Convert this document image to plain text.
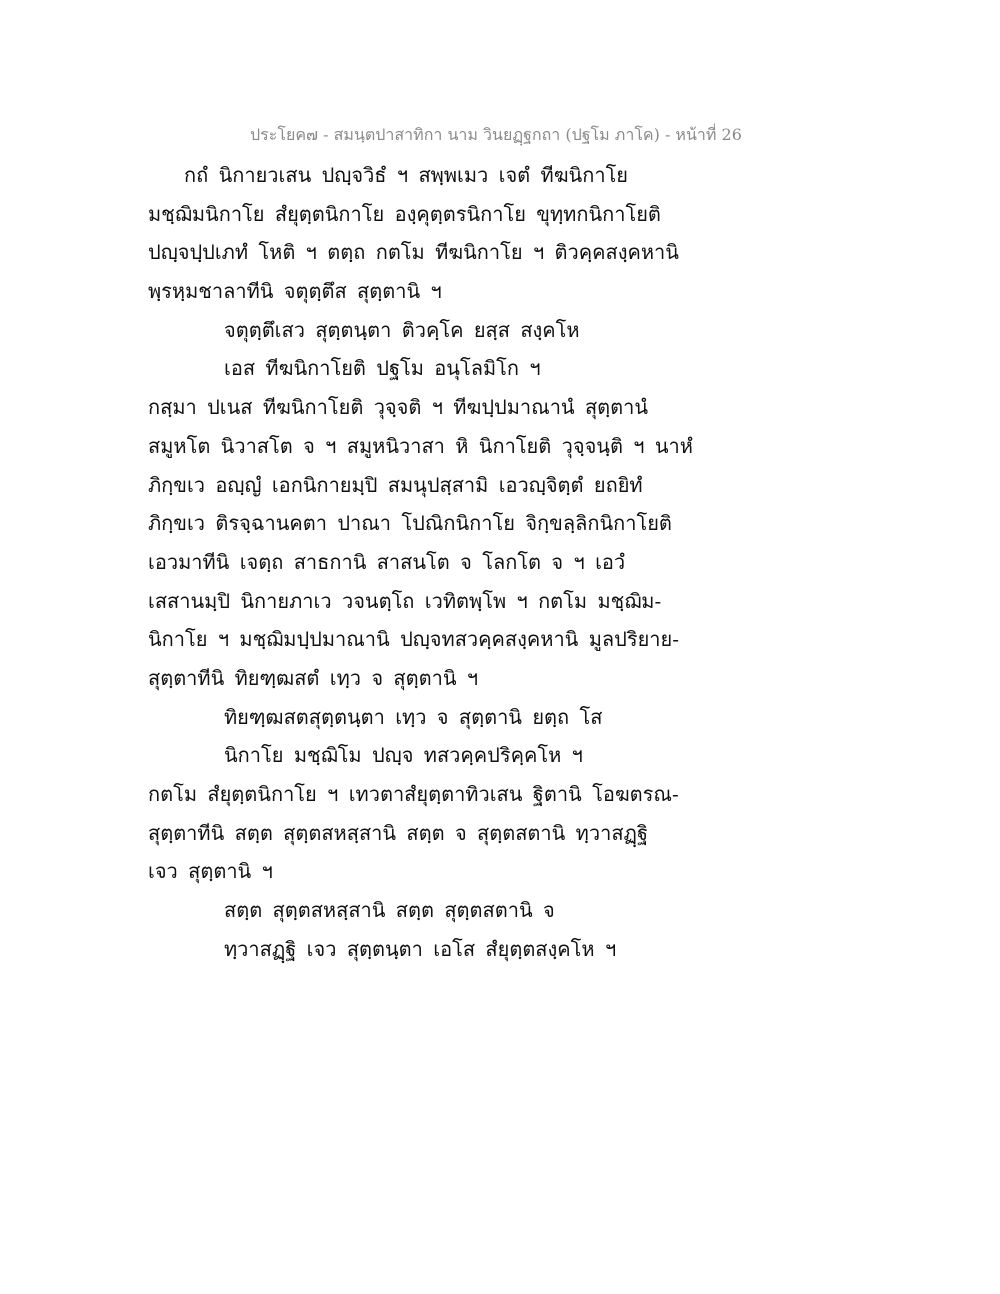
ประโยค๗ - สมนฺตปาสาทิกา นาม วินยฏฺฐกถา (ปฐโม ภาโค) - หน้าที่ 26
กถํ นิกายวเสน ปญฺจวิธํ ฯ สพฺพเมว เจตํ ทีฆนิกาโย
มชฺฌิมนิกาโย สํยุตฺตนิกาโย องฺคุตฺตรนิกาโย ขุทฺทกนิกาโยติ
ปญฺจปฺปเภทํ โหติ ฯ ตตฺถ กตโม ทีฆนิกาโย ฯ ติวคฺคสงฺคหานิ
พฺรหฺมชาลาทีนิ จตุตฺตึส สุตฺตานิ ฯ
จตุตฺตึเสว สุตฺตนฺตา ติวคฺโค ยสฺส สงฺคโห
เอส ทีฆนิกาโยติ ปฐโม อนุโลมิโก ฯ
กสฺมา ปเนส ทีฆนิกาโยติ วุจฺจติ ฯ ทีฆปฺปมาณานํ สุตฺตานํ
สมูหโต นิวาสโต จ ฯ สมูหนิวาสา หิ นิกาโยติ วุจฺจนฺติ ฯ นาหํ
ภิกฺขเว อญฺญํ เอกนิกายมฺปิ สมนุปสฺสามิ เอวญฺจิตฺตํ ยถยิทํ
ภิกฺขเว ติรจฺฉานคตา ปาณา โปณิกนิกาโย จิกฺขลฺลิกนิกาโยติ
เอวมาทีนิ เจตฺถ สาธกานิ สาสนโต จ โลกโต จ ฯ เอวํ
เสสานมฺปิ นิกายภาเว วจนตฺโถ เวทิตพฺโพ ฯ กตโม มชฺฌิม-
นิกาโย ฯ มชฺฌิมปฺปมาณานิ ปญฺจทสวคฺคสงฺคหานิ มูลปริยาย-
สุตฺตาทีนิ ทิยฑฺฒสตํ เทฺว จ สุตฺตานิ ฯ
ทิยฑฺฒสตสุตฺตนฺตา เทฺว จ สุตฺตานิ ยตฺถ โส
นิกาโย มชฺฌิโม ปญฺจ ทสวคฺคปริคฺคโห ฯ
กตโม สํยุตฺตนิกาโย ฯ เทวตาสํยุตฺตาทิวเสน ฐิตานิ โอฆตรณ-
สุตฺตาทีนิ สตฺต สุตฺตสหสฺสานิ สตฺต จ สุตฺตสตานิ ทฺวาสฏฺฐิ
เจว สุตฺตานิ ฯ
สตฺต สุตฺตสหสฺสานิ สตฺต สุตฺตสตานิ จ
ทฺวาสฏฺฐิ เจว สุตฺตนฺตา เอโส สํยุตฺตสงฺคโห ฯ
